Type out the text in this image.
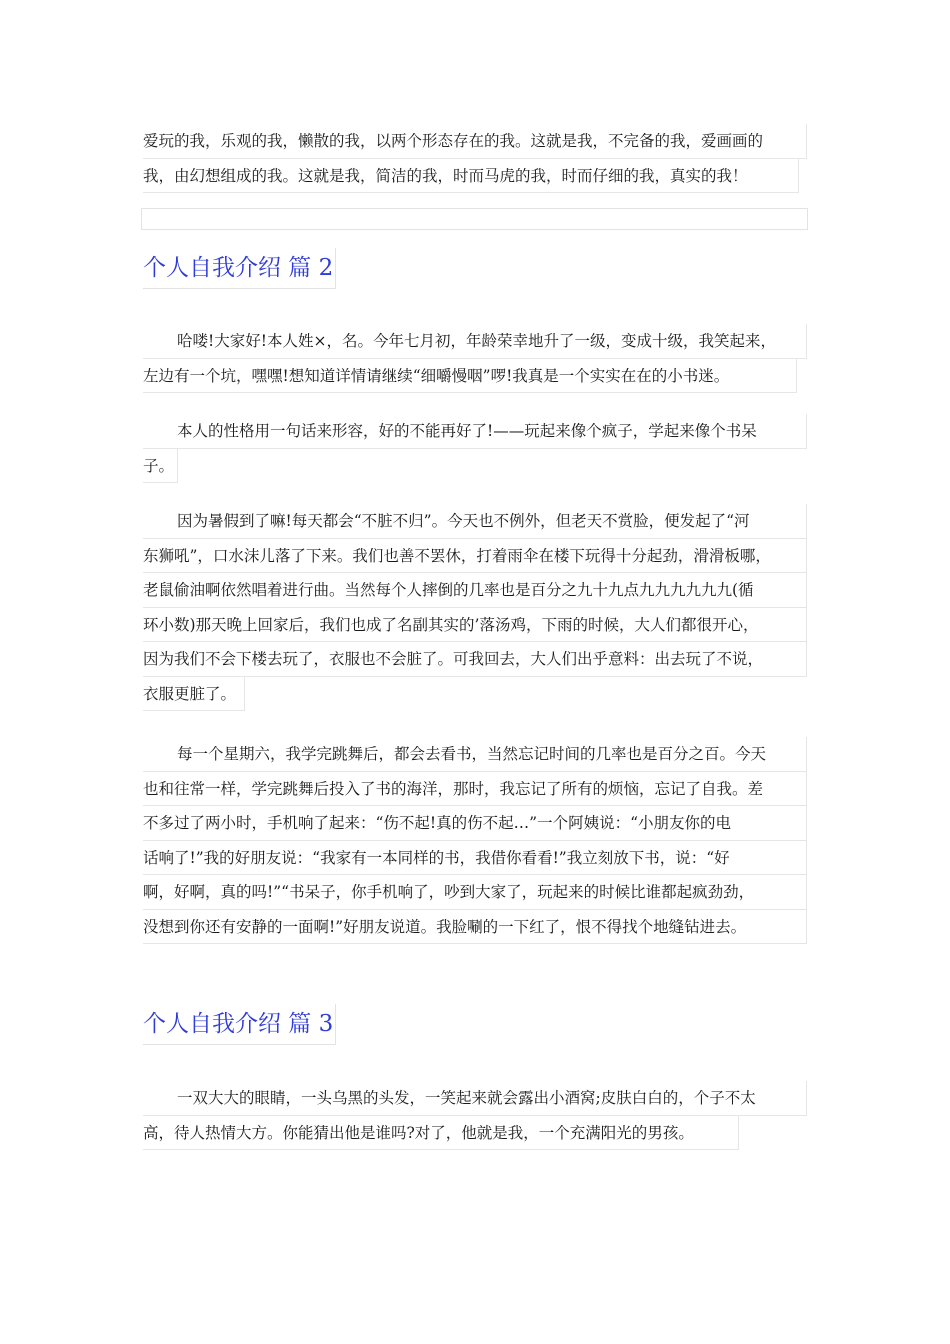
爱玩的我，乐观的我，懒散的我，以两个形态存在的我。这就是我，不完备的我，爱画画的
我，由幻想组成的我。这就是我，简洁的我，时而马虎的我，时而仔细的我，真实的我！
个人自我介绍 篇 2
哈喽!大家好!本人姓×，名。今年七月初，年龄荣幸地升了一级，变成十级，我笑起来，
左边有一个坑，嘿嘿!想知道详情请继续“细嚼慢咽”啰!我真是一个实实在在的小书迷。
本人的性格用一句话来形容，好的不能再好了!——玩起来像个疯子，学起来像个书呆
子。
因为暑假到了嘛!每天都会“不脏不归”。今天也不例外，但老天不赏脸，便发起了“河
东狮吼”，口水沫儿落了下来。我们也善不罢休，打着雨伞在楼下玩得十分起劲，滑滑板哪，
老鼠偷油啊依然唱着进行曲。当然每个人摔倒的几率也是百分之九十九点九九九九九九(循
环小数)那天晚上回家后，我们也成了名副其实的’落汤鸡，下雨的时候，大人们都很开心，
因为我们不会下楼去玩了，衣服也不会脏了。可我回去，大人们出乎意料：出去玩了不说，
衣服更脏了。
每一个星期六，我学完跳舞后，都会去看书，当然忘记时间的几率也是百分之百。今天
也和往常一样，学完跳舞后投入了书的海洋，那时，我忘记了所有的烦恼，忘记了自我。差
不多过了两小时，手机响了起来：“伤不起!真的伤不起…”一个阿姨说：“小朋友你的电
话响了!”我的好朋友说：“我家有一本同样的书，我借你看看!”我立刻放下书，说：“好
啊，好啊，真的吗!”“书呆子，你手机响了，吵到大家了，玩起来的时候比谁都起疯劲劲，
没想到你还有安静的一面啊!”好朋友说道。我脸唰的一下红了，恨不得找个地缝钻进去。
个人自我介绍 篇 3
一双大大的眼睛，一头乌黑的头发，一笑起来就会露出小酒窝;皮肤白白的，个子不太
高，待人热情大方。你能猜出他是谁吗?对了，他就是我，一个充满阳光的男孩。
